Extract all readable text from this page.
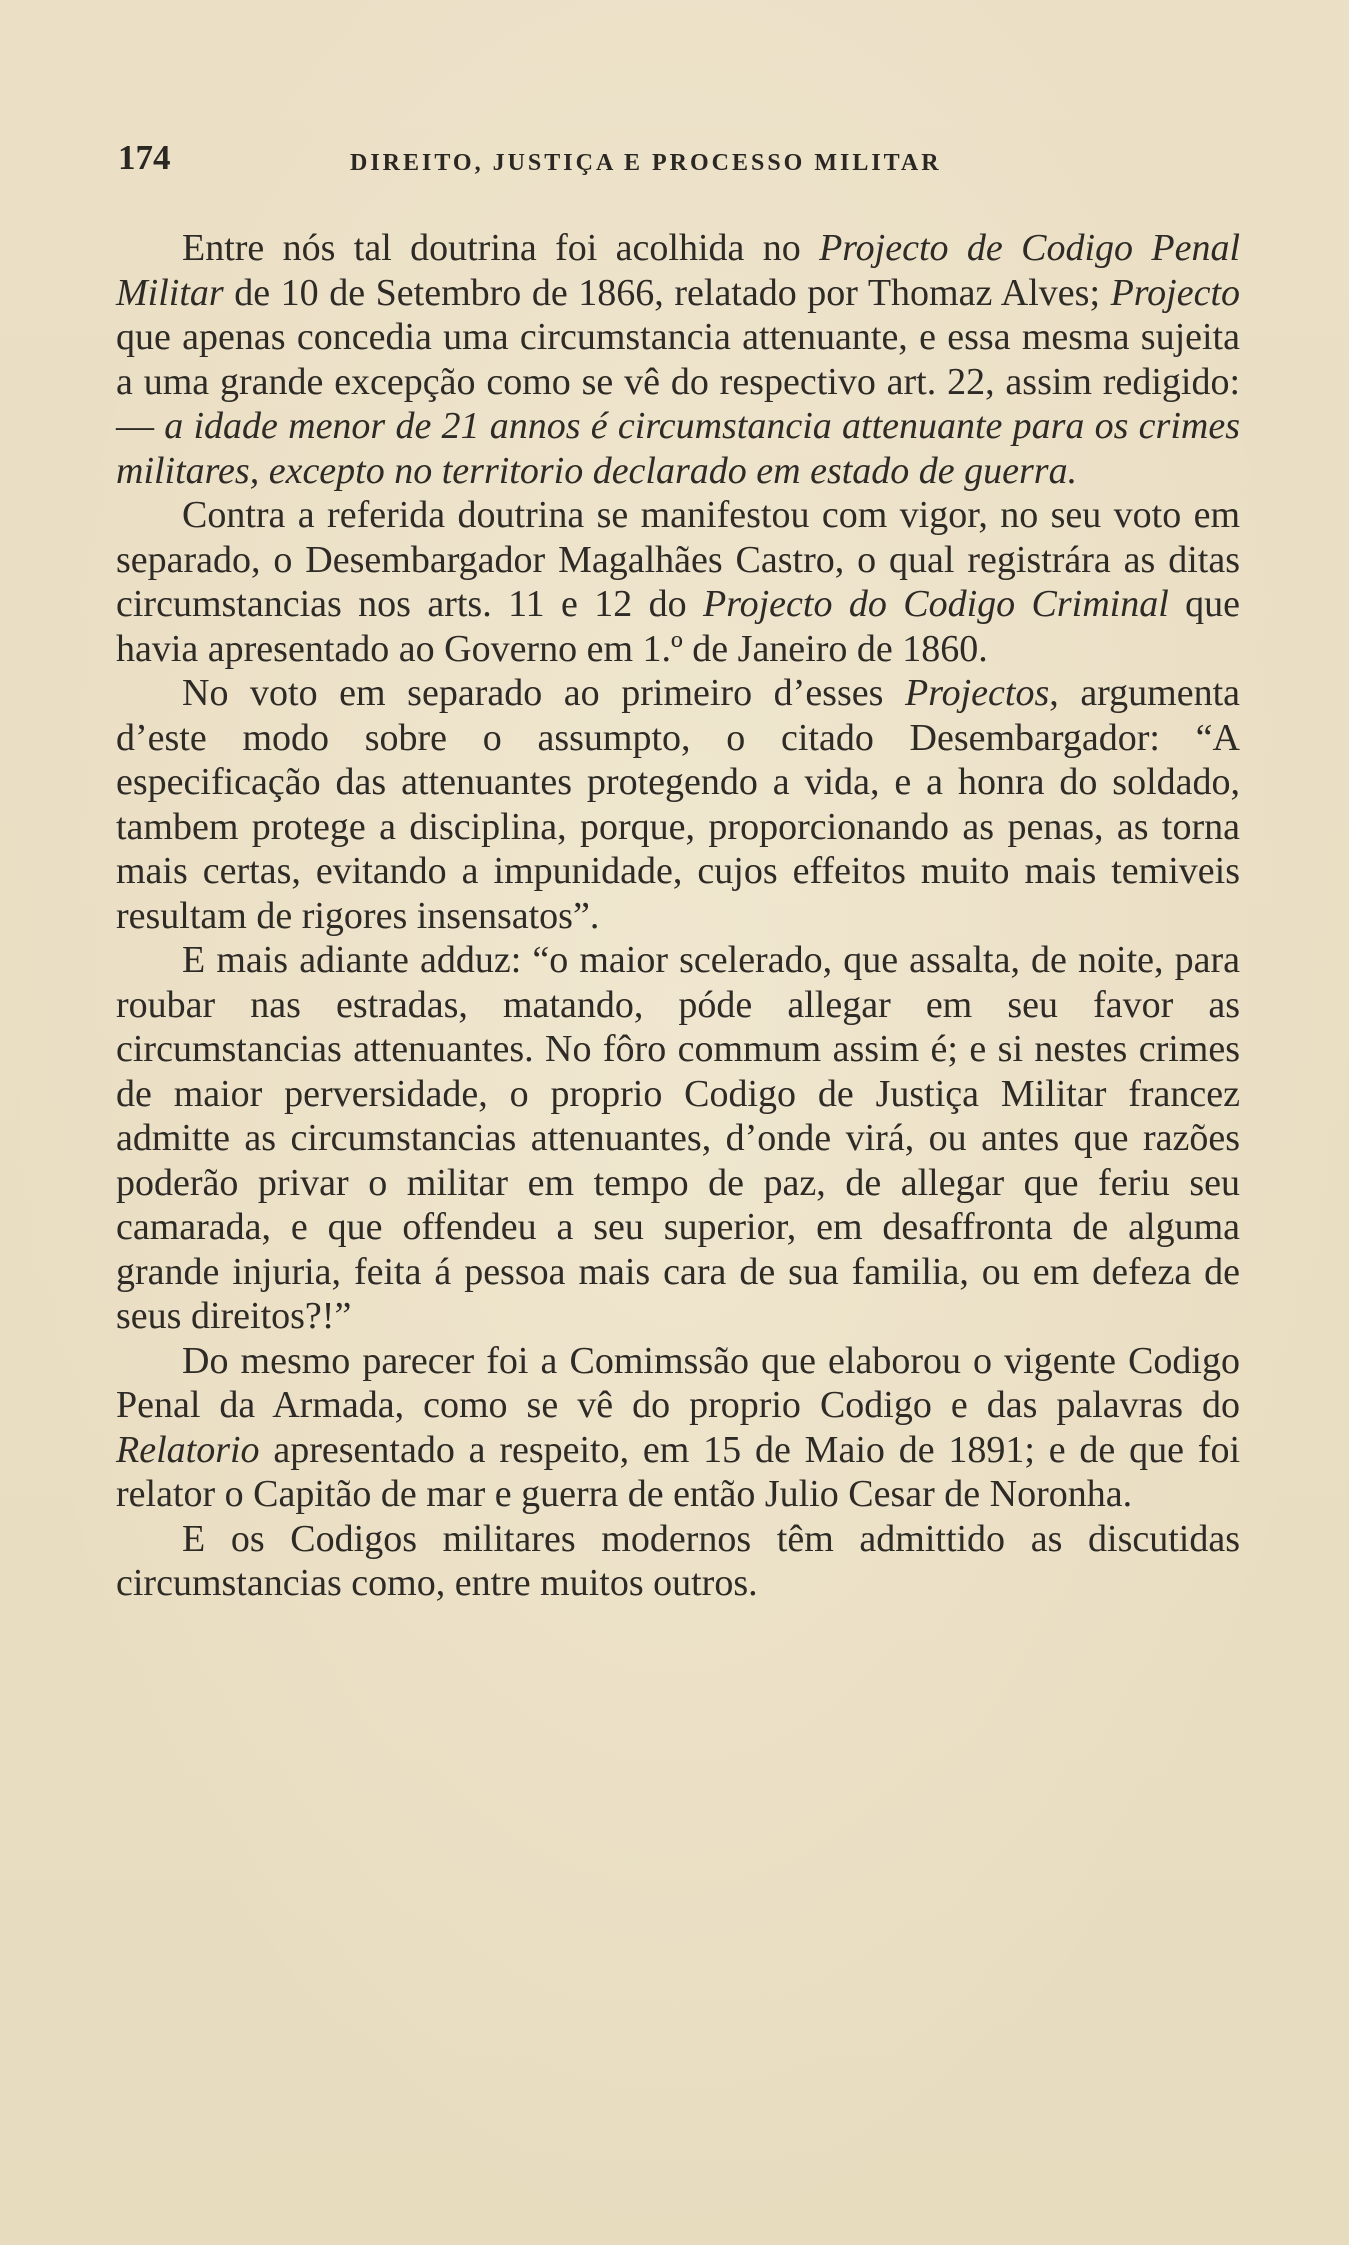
174	DIREITO, JUSTIÇA E PROCESSO MILITAR

Entre nós tal doutrina foi acolhida no Projecto de Codigo Penal Militar de 10 de Setembro de 1866, relatado por Thomaz Alves; Projecto que apenas concedia uma circumstancia attenuante, e essa mesma sujeita a uma grande excepção como se vê do respectivo art. 22, assim redigido: — a idade menor de 21 annos é circumstancia attenuante para os crimes militares, excepto no territorio declarado em estado de guerra.

Contra a referida doutrina se manifestou com vigor, no seu voto em separado, o Desembargador Magalhães Castro, o qual registrára as ditas circumstancias nos arts. 11 e 12 do Projecto do Codigo Criminal que havia apresentado ao Governo em 1.º de Janeiro de 1860.

No voto em separado ao primeiro d’esses Projectos, argumenta d’este modo sobre o assumpto, o citado Desembargador: “A especificação das attenuantes protegendo a vida, e a honra do soldado, tambem protege a disciplina, porque, proporcionando as penas, as torna mais certas, evitando a impunidade, cujos effeitos muito mais temiveis resultam de rigores insensatos”.

E mais adiante adduz: “o maior scelerado, que assalta, de noite, para roubar nas estradas, matando, póde allegar em seu favor as circumstancias attenuantes. No fôro commum assim é; e si nestes crimes de maior perversidade, o proprio Codigo de Justiça Militar francez admitte as circumstancias attenuantes, d’onde virá, ou antes que razões poderão privar o militar em tempo de paz, de allegar que feriu seu camarada, e que offendeu a seu superior, em desaffronta de alguma grande injuria, feita á pessoa mais cara de sua familia, ou em defeza de seus direitos?!”

Do mesmo parecer foi a Comimssão que elaborou o vigente Codigo Penal da Armada, como se vê do proprio Codigo e das palavras do Relatorio apresentado a respeito, em 15 de Maio de 1891; e de que foi relator o Capitão de mar e guerra de então Julio Cesar de Noronha.

E os Codigos militares modernos têm admittido as discutidas circumstancias como, entre muitos outros.
